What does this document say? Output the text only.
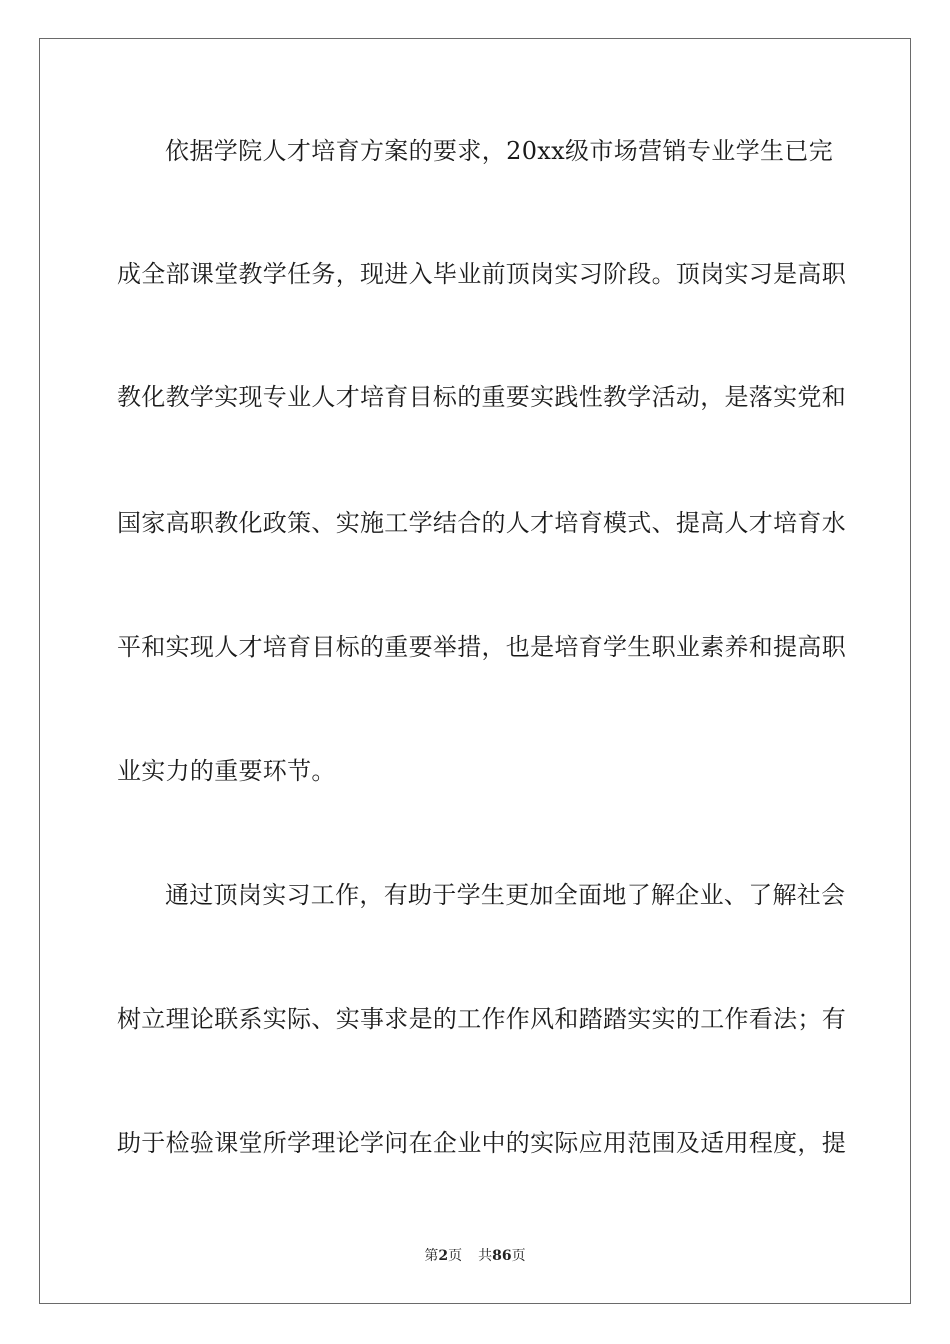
依据学院人才培育方案的要求，20xx级市场营销专业学生已完
成全部课堂教学任务，现进入毕业前顶岗实习阶段。顶岗实习是高职
教化教学实现专业人才培育目标的重要实践性教学活动，是落实党和
国家高职教化政策、实施工学结合的人才培育模式、提高人才培育水
平和实现人才培育目标的重要举措，也是培育学生职业素养和提高职
业实力的重要环节。
通过顶岗实习工作，有助于学生更加全面地了解企业、了解社会
树立理论联系实际、实事求是的工作作风和踏踏实实的工作看法；有
助于检验课堂所学理论学问在企业中的实际应用范围及适用程度，提
第2页 共86页
